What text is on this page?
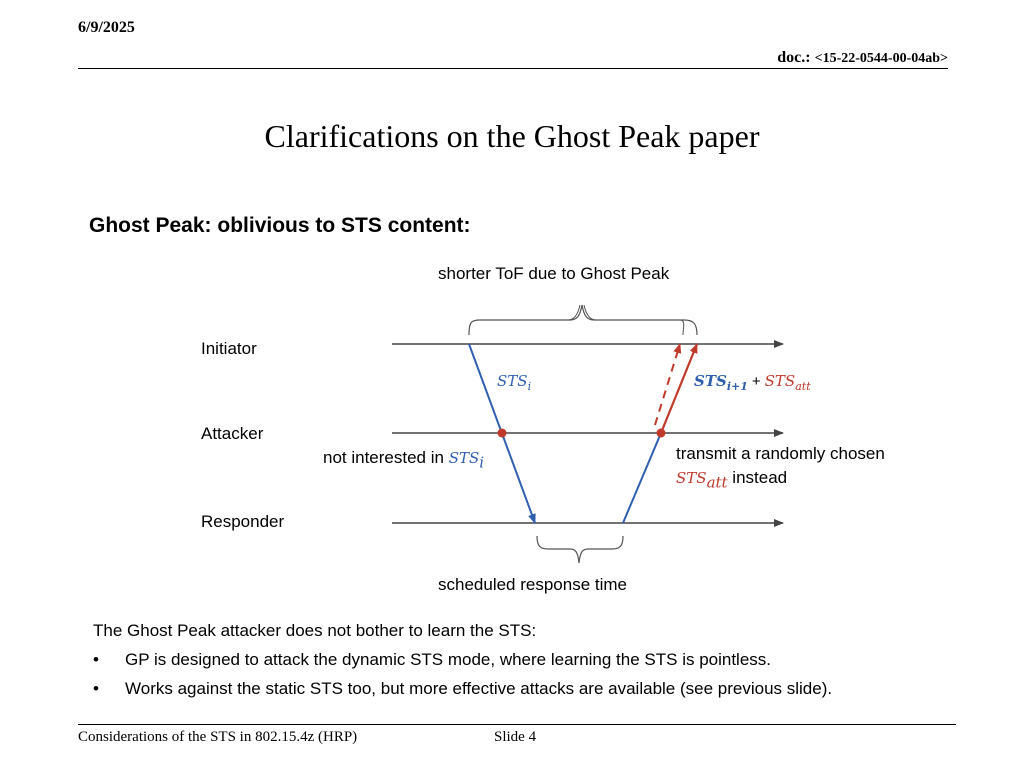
6/9/2025
doc.: <15-22-0544-00-04ab>
Clarifications on the Ghost Peak paper
Ghost Peak: oblivious to STS content:
Initiator
Attacker
Responder
shorter ToF due to Ghost Peak
scheduled response time
$STS_i$	$STS_{i+1} + STS_{att}$
not interested in $STS_i$	transmit a randomly chosen
$STS_{att}$ instead
The Ghost Peak attacker does not bother to learn the STS:
• GP is designed to attack the dynamic STS mode, where learning the STS is pointless.
• Works against the static STS too, but more effective attacks are available (see previous slide).
Considerations of the STS in 802.15.4z (HRP)	Slide 4
